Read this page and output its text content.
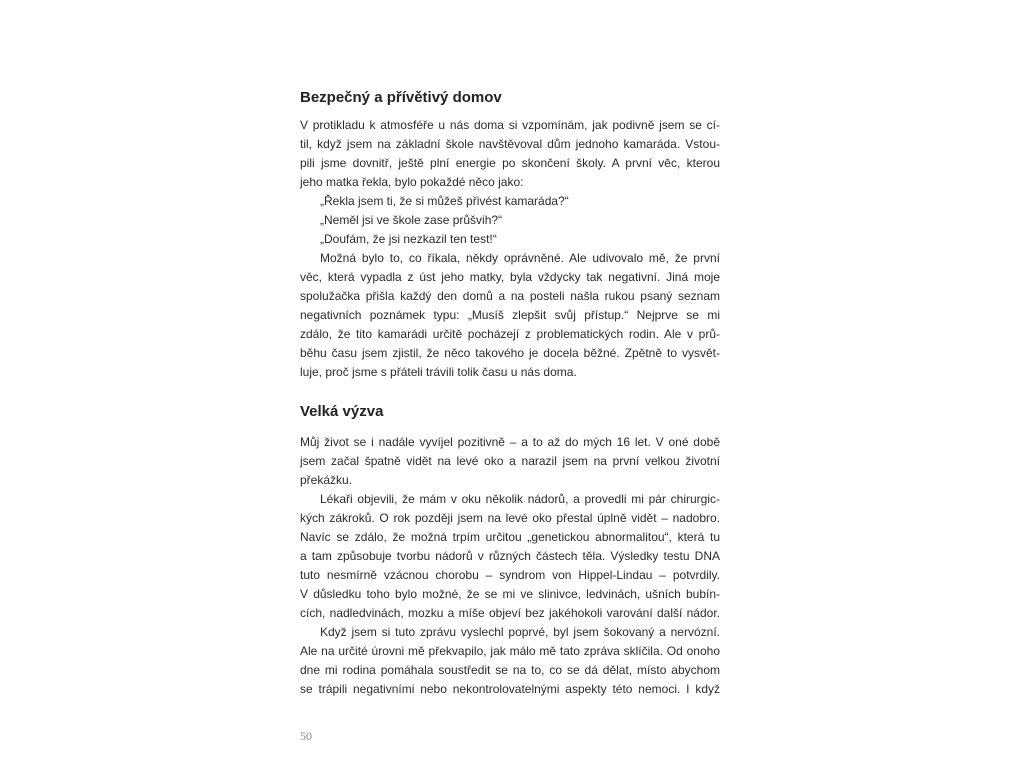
Bezpečný a přívětivý domov
V protikladu k atmosféře u nás doma si vzpomínám, jak podivně jsem se cí-
til, když jsem na základní škole navštěvoval dům jednoho kamaráda. Vstou-
pili jsme dovnitř, ještě plní energie po skončení školy. A první věc, kterou
jeho matka řekla, bylo pokaždé něco jako:
„Řekla jsem ti, že si můžeš přivést kamaráda?“
„Neměl jsi ve škole zase průšvih?“
„Doufám, že jsi nezkazil ten test!“
Možná bylo to, co říkala, někdy oprávněné. Ale udivovalo mě, že první
věc, která vypadla z úst jeho matky, byla vždycky tak negativní. Jiná moje
spolužačka přišla každý den domů a na posteli našla rukou psaný seznam
negativních poznámek typu: „Musíš zlepšit svůj přístup.“ Nejprve se mi
zdálo, že tito kamarádi určitě pocházejí z problematických rodin. Ale v prů-
běhu času jsem zjistil, že něco takového je docela běžné. Zpětně to vysvět-
luje, proč jsme s přáteli trávili tolik času u nás doma.
Velká výzva
Můj život se i nadále vyvíjel pozitivně – a to až do mých 16 let. V oné době
jsem začal špatně vidět na levé oko a narazil jsem na první velkou životní
překážku.
Lékaři objevili, že mám v oku několik nádorů, a provedli mi pár chirurgic-
kých zákroků. O rok později jsem na levé oko přestal úplně vidět – nadobro.
Navíc se zdálo, že možná trpím určitou „genetickou abnormalitou“, která tu
a tam způsobuje tvorbu nádorů v různých částech těla. Výsledky testu DNA
tuto nesmírně vzácnou chorobu – syndrom von Hippel-Lindau – potvrdily.
V důsledku toho bylo možné, že se mi ve slinivce, ledvinách, ušních bubín-
cích, nadledvinách, mozku a míše objeví bez jakéhokoli varování další nádor.
Když jsem si tuto zprávu vyslechl poprvé, byl jsem šokovaný a nervózní.
Ale na určité úrovni mě překvapilo, jak málo mě tato zpráva sklíčila. Od onoho
dne mi rodina pomáhala soustředit se na to, co se dá dělat, místo abychom
se trápili negativními nebo nekontrolovatelnými aspekty této nemoci. I když
50
